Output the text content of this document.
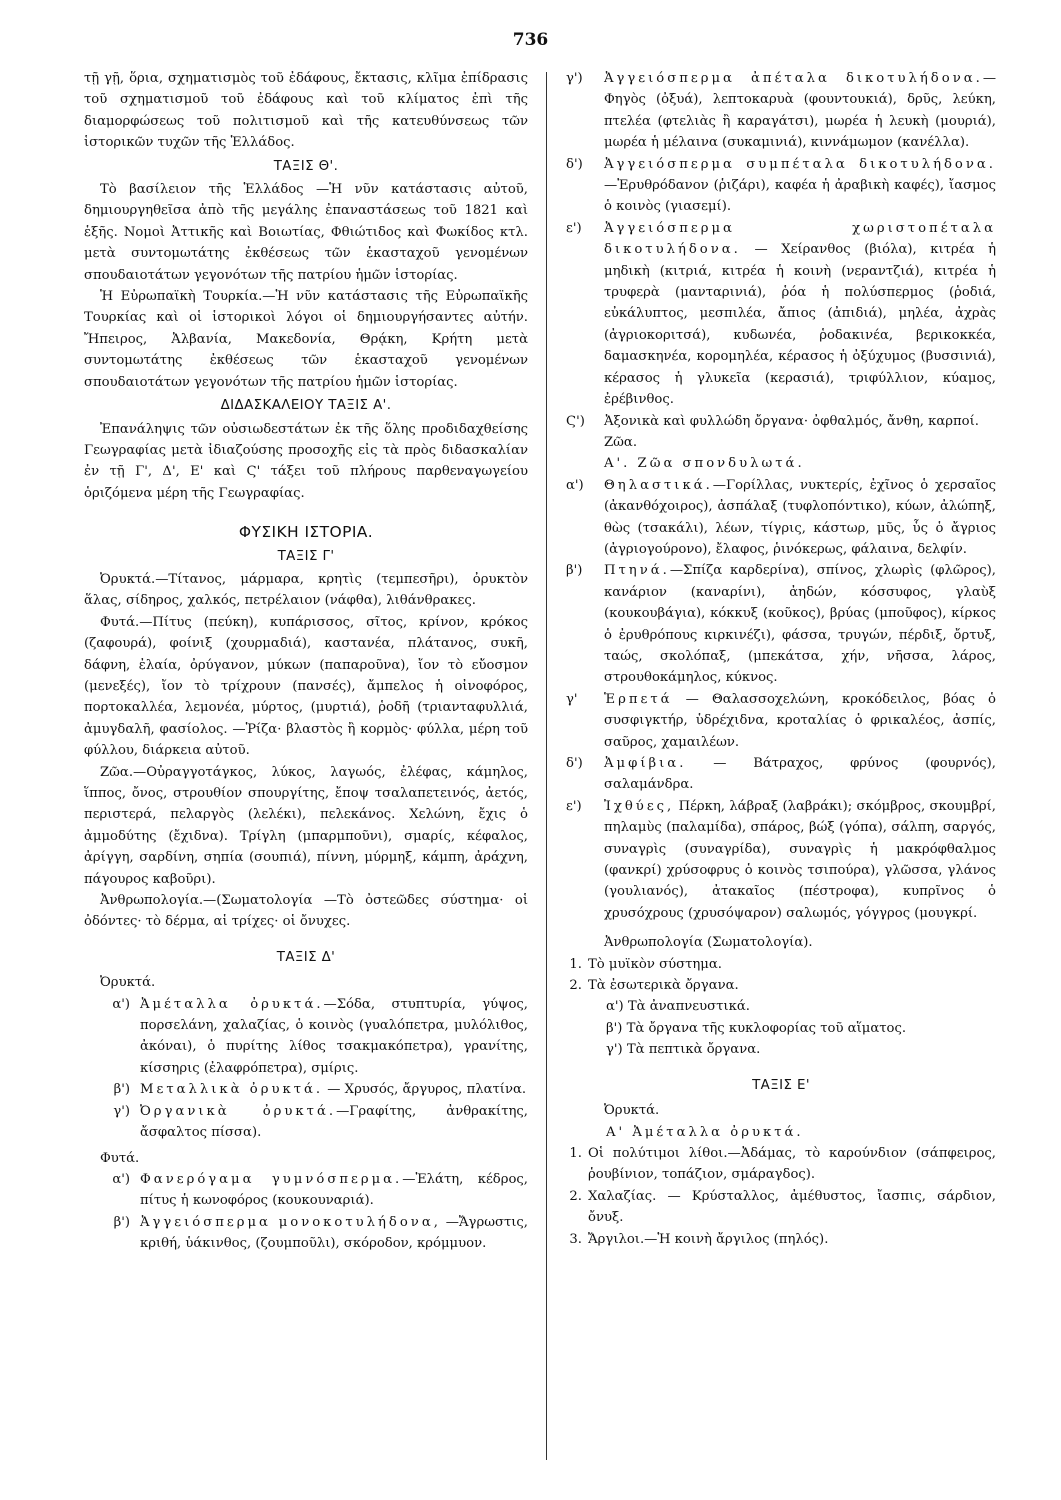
736

τῇ γῇ, ὅρια, σχηματισμὸς τοῦ ἐδάφους, ἔκτασις, κλῖμα ἐπίδρασις τοῦ σχηματισμοῦ τοῦ ἐδάφους καὶ τοῦ κλίματος ἐπὶ τῆς διαμορφώσεως τοῦ πολιτισμοῦ καὶ τῆς κατευθύνσεως τῶν ἱστορικῶν τυχῶν τῆς Ἑλλάδος.

ΤΑΞΙΣ Θ'.

Τὸ βασίλειον τῆς Ἑλλάδος —Ἡ νῦν κατάστασις αὐτοῦ, δημιουργηθεῖσα ἀπὸ τῆς μεγάλης ἐπαναστάσεως τοῦ 1821 καὶ ἑξῆς. Νομοὶ Ἀττικῆς καὶ Βοιωτίας, Φθιώτιδος καὶ Φωκίδος κτλ. μετὰ συντομωτάτης ἐκθέσεως τῶν ἑκασταχοῦ γενομένων σπουδαιοτάτων γεγονότων τῆς πατρίου ἡμῶν ἱστορίας.

Ἡ Εὐρωπαϊκὴ Τουρκία.—Ἡ νῦν κατάστασις τῆς Εὐρωπαϊκῆς Τουρκίας καὶ οἱ ἱστορικοὶ λόγοι οἱ δημιουργήσαντες αὐτήν. Ἤπειρος, Ἀλβανία, Μακεδονία, Θρᾴκη, Κρήτη μετὰ συντομωτάτης ἐκθέσεως τῶν ἑκασταχοῦ γενομένων σπουδαιοτάτων γεγονότων τῆς πατρίου ἡμῶν ἱστορίας.

ΔΙΔΑΣΚΑΛΕΙΟΥ ΤΑΞΙΣ Α'.

Ἐπανάληψις τῶν οὐσιωδεστάτων ἐκ τῆς ὅλης προδιδαχθείσης Γεωγραφίας μετὰ ἰδιαζούσης προσοχῆς εἰς τὰ πρὸς διδασκαλίαν ἐν τῇ Γ', Δ', Ε' καὶ Ϛ' τάξει τοῦ πλήρους παρθεναγωγείου ὁριζόμενα μέρη τῆς Γεωγραφίας.

ΦΥΣΙΚΗ ΙΣΤΟΡΙΑ.

ΤΑΞΙΣ Γ'

Ὀρυκτά.—Τίτανος, μάρμαρα, κρητὶς (τεμπεσῆρι), ὀρυκτὸν ἅλας, σίδηρος, χαλκός, πετρέλαιον (νάφθα), λιθάνθρακες.

Φυτά.—Πίτυς (πεύκη), κυπάρισσος, σῖτος, κρίνον, κρόκος (ζαφουρά), φοίνιξ (χουρμαδιά), καστανέα, πλάτανος, συκῆ, δάφνη, ἐλαία, ὀρύγανον, μύκων (παπαροῦνα), ἴον τὸ εὔοσμον (μενεξές), ἴον τὸ τρίχρουν (πανσές), ἄμπελος ἡ οἰνοφόρος, πορτοκαλλέα, λεμονέα, μύρτος, (μυρτιά), ῥοδῆ (τριανταφυλλιά, ἀμυγδαλῆ, φασίολος. —Ῥίζα· βλαστὸς ἢ κορμὸς· φύλλα, μέρη τοῦ φύλλου, διάρκεια αὐτοῦ.

Ζῶα.—Οὐραγγοτάγκος, λύκος, λαγωός, ἐλέφας, κάμηλος, ἵππος, ὄνος, στρουθίον σπουργίτης, ἔποψ τσαλαπετεινός, ἀετός, περιστερά, πελαργὸς (λελέκι), πελεκάνος. Χελώνη, ἔχις ὁ ἀμμοδύτης (ἔχιδνα). Τρίγλη (μπαρμποῦνι), σμαρίς, κέφαλος, ἀρίγγη, σαρδίνη, σηπία (σουπιά), πίννη, μύρμηξ, κάμπη, ἀράχνη, πάγουρος καβοῦρι).

Ἀνθρωπολογία.—(Σωματολογία —Τὸ ὀστεῶδες σύστημα· οἱ ὀδόντες· τὸ δέρμα, αἱ τρίχες· οἱ ὄνυχες.

ΤΑΞΙΣ Δ'

Ὀρυκτά.

α') Ἀμέταλλα ὀρυκτά.—Σόδα, στυπτυρία, γύψος, πορσελάνη, χαλαζίας, ὁ κοινὸς (γυαλόπετρα, μυλόλιθος, ἀκόναι), ὁ πυρίτης λίθος τσακμακόπετρα), γρανίτης, κίσσηρις (ἐλαφρόπετρα), σμίρις.

β') Μεταλλικὰ ὀρυκτά. — Χρυσός, ἄργυρος, πλατίνα.

γ') Ὀργανικὰ ὀρυκτά.—Γραφίτης, ἀνθρακίτης, ἄσφαλτος πίσσα).

Φυτά.

α') Φανερόγαμα γυμνόσπερμα.—Ἐλάτη, κέδρος, πίτυς ἡ κωνοφόρος (κουκουναριά).

β') Ἀγγειόσπερμα μονοκοτυλήδονα, —Ἄγρωστις, κριθή, ὑάκινθος, (ζουμποῦλι), σκόροδον, κρόμμυον.

γ')	Ἀγγειόσπερμα ἀπέταλα δικοτυλήδονα.—Φηγὸς (ὀξυά), λεπτοκαρυὰ (φουντουκιά), δρῦς, λεύκη, πτελέα (φτελιὰς ἢ καραγάτσι), μωρέα ἡ λευκὴ (μουριά), μωρέα ἡ μέλαινα (συκαμινιά), κιννάμωμον (κανέλλα).

δ')	Ἀγγειόσπερμα συμπέταλα δικοτυλήδονα. —Ἐρυθρόδανον (ῥιζάρι), καφέα ἡ ἀραβικὴ καφές), ἴασμος ὁ κοινὸς (γιασεμί).

ε')	Ἀγγειόσπερμα χωριστοπέταλα δικοτυλήδονα. — Χείρανθος (βιόλα), κιτρέα ἡ μηδικὴ (κιτριά, κιτρέα ἡ κοινὴ (νεραντζιά), κιτρέα ἡ τρυφερὰ (μανταρινιά), ῥόα ἡ πολύσπερμος (ῥοδιά, εὐκάλυπτος, μεσπιλέα, ἄπιος (ἀπιδιά), μηλέα, ἀχρὰς (ἀγριοκοριτσά), κυδωνέα, ῥοδακινέα, βερικοκκέα, δαμασκηνέα, κορομηλέα, κέρασος ἡ ὀξύχυμος (βυσσινιά), κέρασος ἡ γλυκεῖα (κερασιά), τριφύλλιον, κύαμος, ἐρέβινθος.

Ϛ')	Ἀξονικὰ καὶ φυλλώδη ὄργανα· ὀφθαλμός, ἄνθη, καρποί.

Ζῶα.

Α'. Ζῶα σπονδυλωτά.

α')	Θηλαστικά.—Γορίλλας, νυκτερίς, ἐχῖνος ὁ χερσαῖος (ἀκανθόχοιρος), ἀσπάλαξ (τυφλοπόντικο), κύων, ἀλώπηξ, θὼς (τσακάλι), λέων, τίγρις, κάστωρ, μῦς, ὗς ὁ ἄγριος (ἀγριογούρονο), ἔλαφος, ῥινόκερως, φάλαινα, δελφίν.

β')	Πτηνά.—Σπίζα καρδερίνα), σπίνος, χλωρὶς (φλῶρος), κανάριον (καναρίνι), ἀηδών, κόσσυφος, γλαὺξ (κουκουβάγια), κόκκυξ (κοῦκος), βρύας (μποῦφος), κίρκος ὁ ἐρυθρόπους κιρκινέζι), φάσσα, τρυγών, πέρδιξ, ὄρτυξ, ταώς, σκολόπαξ, (μπεκάτσα, χήν, νῆσσα, λάρος, στρουθοκάμηλος, κύκνος.

γ'	Ἑρπετά — Θαλασσοχελώνη, κροκόδειλος, βόας ὁ συσφιγκτήρ, ὑδρέχιδνα, κροταλίας ὁ φρικαλέος, ἀσπίς, σαῦρος, χαμαιλέων.

δ')	Ἀμφίβια. — Βάτραχος, φρύνος (φουρνός), σαλαμάνδρα.

ε')	Ἰχθύες, Πέρκη, λάβραξ (λαβράκι); σκόμβρος, σκουμβρί, πηλαμὺς (παλαμίδα), σπάρος, βώξ (γόπα), σάλπη, σαργός, συναγρὶς (συναγρίδα), συναγρὶς ἡ μακρόφθαλμος (φανκρί) χρύσοφρυς ὁ κοινὸς τσιπούρα), γλῶσσα, γλάνος (γουλιανός), ἀτακαῖος (πέστροφα), κυπρῖνος ὁ χρυσόχρους (χρυσόψαρον) σαλωμός, γόγγρος (μουγκρί.

Ἀνθρωπολογία (Σωματολογία).

1. Τὸ μυϊκὸν σύστημα.

2. Τὰ ἐσωτερικὰ ὄργανα.

α') Τὰ ἀναπνευστικά.

β') Τὰ ὄργανα τῆς κυκλοφορίας τοῦ αἵματος.

γ') Τὰ πεπτικὰ ὄργανα.

ΤΑΞΙΣ Ε'

Ὀρυκτά.

Α' Ἀμέταλλα ὀρυκτά.

1. Οἱ πολύτιμοι λίθοι.—Ἀδάμας, τὸ καρούνδιον (σάπφειρος, ῥουβίνιον, τοπάζιον, σμάραγδος).

2. Χαλαζίας. — Κρύσταλλος, ἀμέθυστος, ἴασπις, σάρδιον, ὄνυξ.

3. Ἄργιλοι.—Ἡ κοινὴ ἄργιλος (πηλός).
